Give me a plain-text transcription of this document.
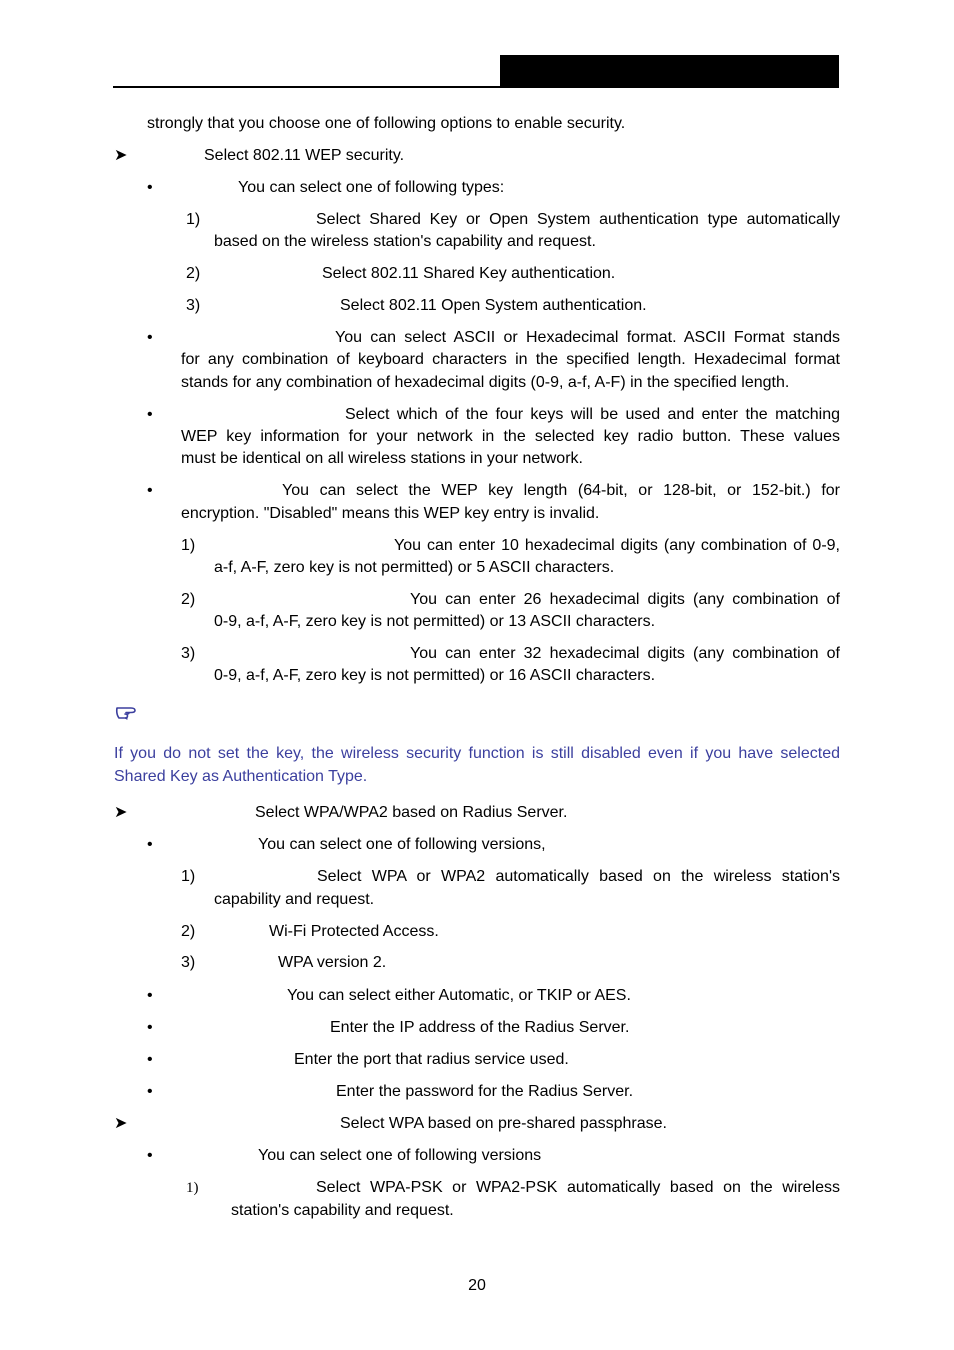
strongly that you choose one of following options to enable security.
➤	Select 802.11 WEP security.
•	You can select one of following types:
1)	Select Shared Key or Open System authentication type automatically
based on the wireless station's capability and request.
2)	Select 802.11 Shared Key authentication.
3)	Select 802.11 Open System authentication.
•	You can select ASCII or Hexadecimal format. ASCII Format stands
for any combination of keyboard characters in the specified length. Hexadecimal format
stands for any combination of hexadecimal digits (0-9, a-f, A-F) in the specified length.
•	Select which of the four keys will be used and enter the matching
WEP key information for your network in the selected key radio button. These values
must be identical on all wireless stations in your network.
•	You can select the WEP key length (64-bit, or 128-bit, or 152-bit.) for
encryption. "Disabled" means this WEP key entry is invalid.
1)	You can enter 10 hexadecimal digits (any combination of 0-9,
a-f, A-F, zero key is not permitted) or 5 ASCII characters.
2)	You can enter 26 hexadecimal digits (any combination of
0-9, a-f, A-F, zero key is not permitted) or 13 ASCII characters.
3)	You can enter 32 hexadecimal digits (any combination of
0-9, a-f, A-F, zero key is not permitted) or 16 ASCII characters.
If you do not set the key, the wireless security function is still disabled even if you have selected
Shared Key as Authentication Type.
➤	Select WPA/WPA2 based on Radius Server.
•	You can select one of following versions,
1)	Select WPA or WPA2 automatically based on the wireless station's
capability and request.
2)	Wi-Fi Protected Access.
3)	WPA version 2.
•	You can select either Automatic, or TKIP or AES.
•	Enter the IP address of the Radius Server.
•	Enter the port that radius service used.
•	Enter the password for the Radius Server.
➤	Select WPA based on pre-shared passphrase.
•	You can select one of following versions
1)	Select WPA-PSK or WPA2-PSK automatically based on the wireless
station's capability and request.
20
